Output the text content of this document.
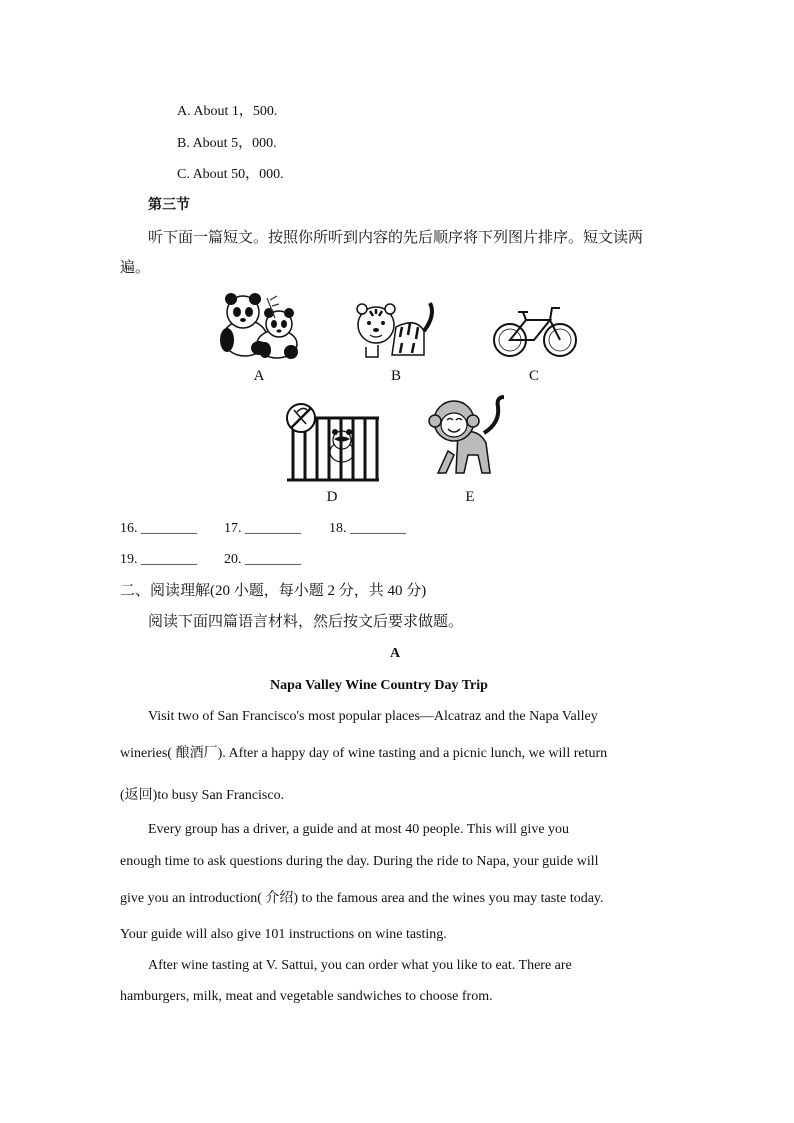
A. About 1，500.
B. About 5，000.
C. About 50，000.
第三节
听下面一篇短文。按照你所听到内容的先后顺序将下列图片排序。短文读两
遍。
A	B	C
D	E
16. ________ 17. ________ 18. ________
19. ________ 20. ________
二、阅读理解(20 小题，每小题 2 分，共 40 分)
阅读下面四篇语言材料，然后按文后要求做题。
A
Napa Valley Wine Country Day Trip
Visit two of San Francisco's most popular places—Alcatraz and the Napa Valley
wineries( 酿酒厂). After a happy day of wine tasting and a picnic lunch, we will return
(返回)to busy San Francisco.
Every group has a driver, a guide and at most 40 people. This will give you
enough time to ask questions during the day. During the ride to Napa, your guide will
give you an introduction( 介绍) to the famous area and the wines you may taste today.
Your guide will also give 101 instructions on wine tasting.
After wine tasting at V. Sattui, you can order what you like to eat. There are
hamburgers, milk, meat and vegetable sandwiches to choose from.
